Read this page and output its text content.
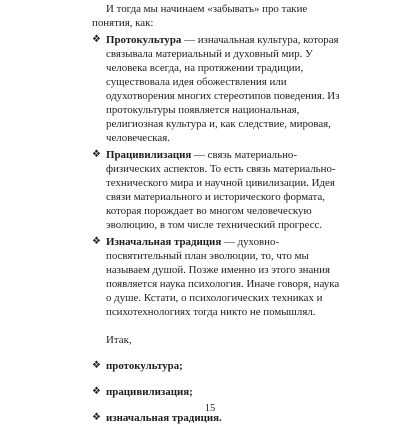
И тогда мы начинаем «забывать» про такие понятия, как:

❖ Протокультура — изначальная культура, которая связывала материальный и духовный мир. У человека всегда, на протяжении традиции, существовала идея обожествления или одухотворения многих стереотипов поведения. Из протокультуры появляется национальная, религиозная культура и, как следствие, мировая, человеческая.

❖ Працивилизация — связь материально-физических аспектов. То есть связь материально-технического мира и научной цивилизации. Идея связи материального и исторического формата, которая порождает во многом человеческую эволюцию, в том числе технический прогресс.

❖ Изначальная традиция — духовно-посвятительный план эволюции, то, что мы называем душой. Позже именно из этого знания появляется наука психология. Иначе говоря, наука о душе. Кстати, о психологических техниках и психотехнологиях тогда никто не помышлял.

Итак,

❖ протокультура;

❖ працивилизация;

❖ изначальная традиция.

15
